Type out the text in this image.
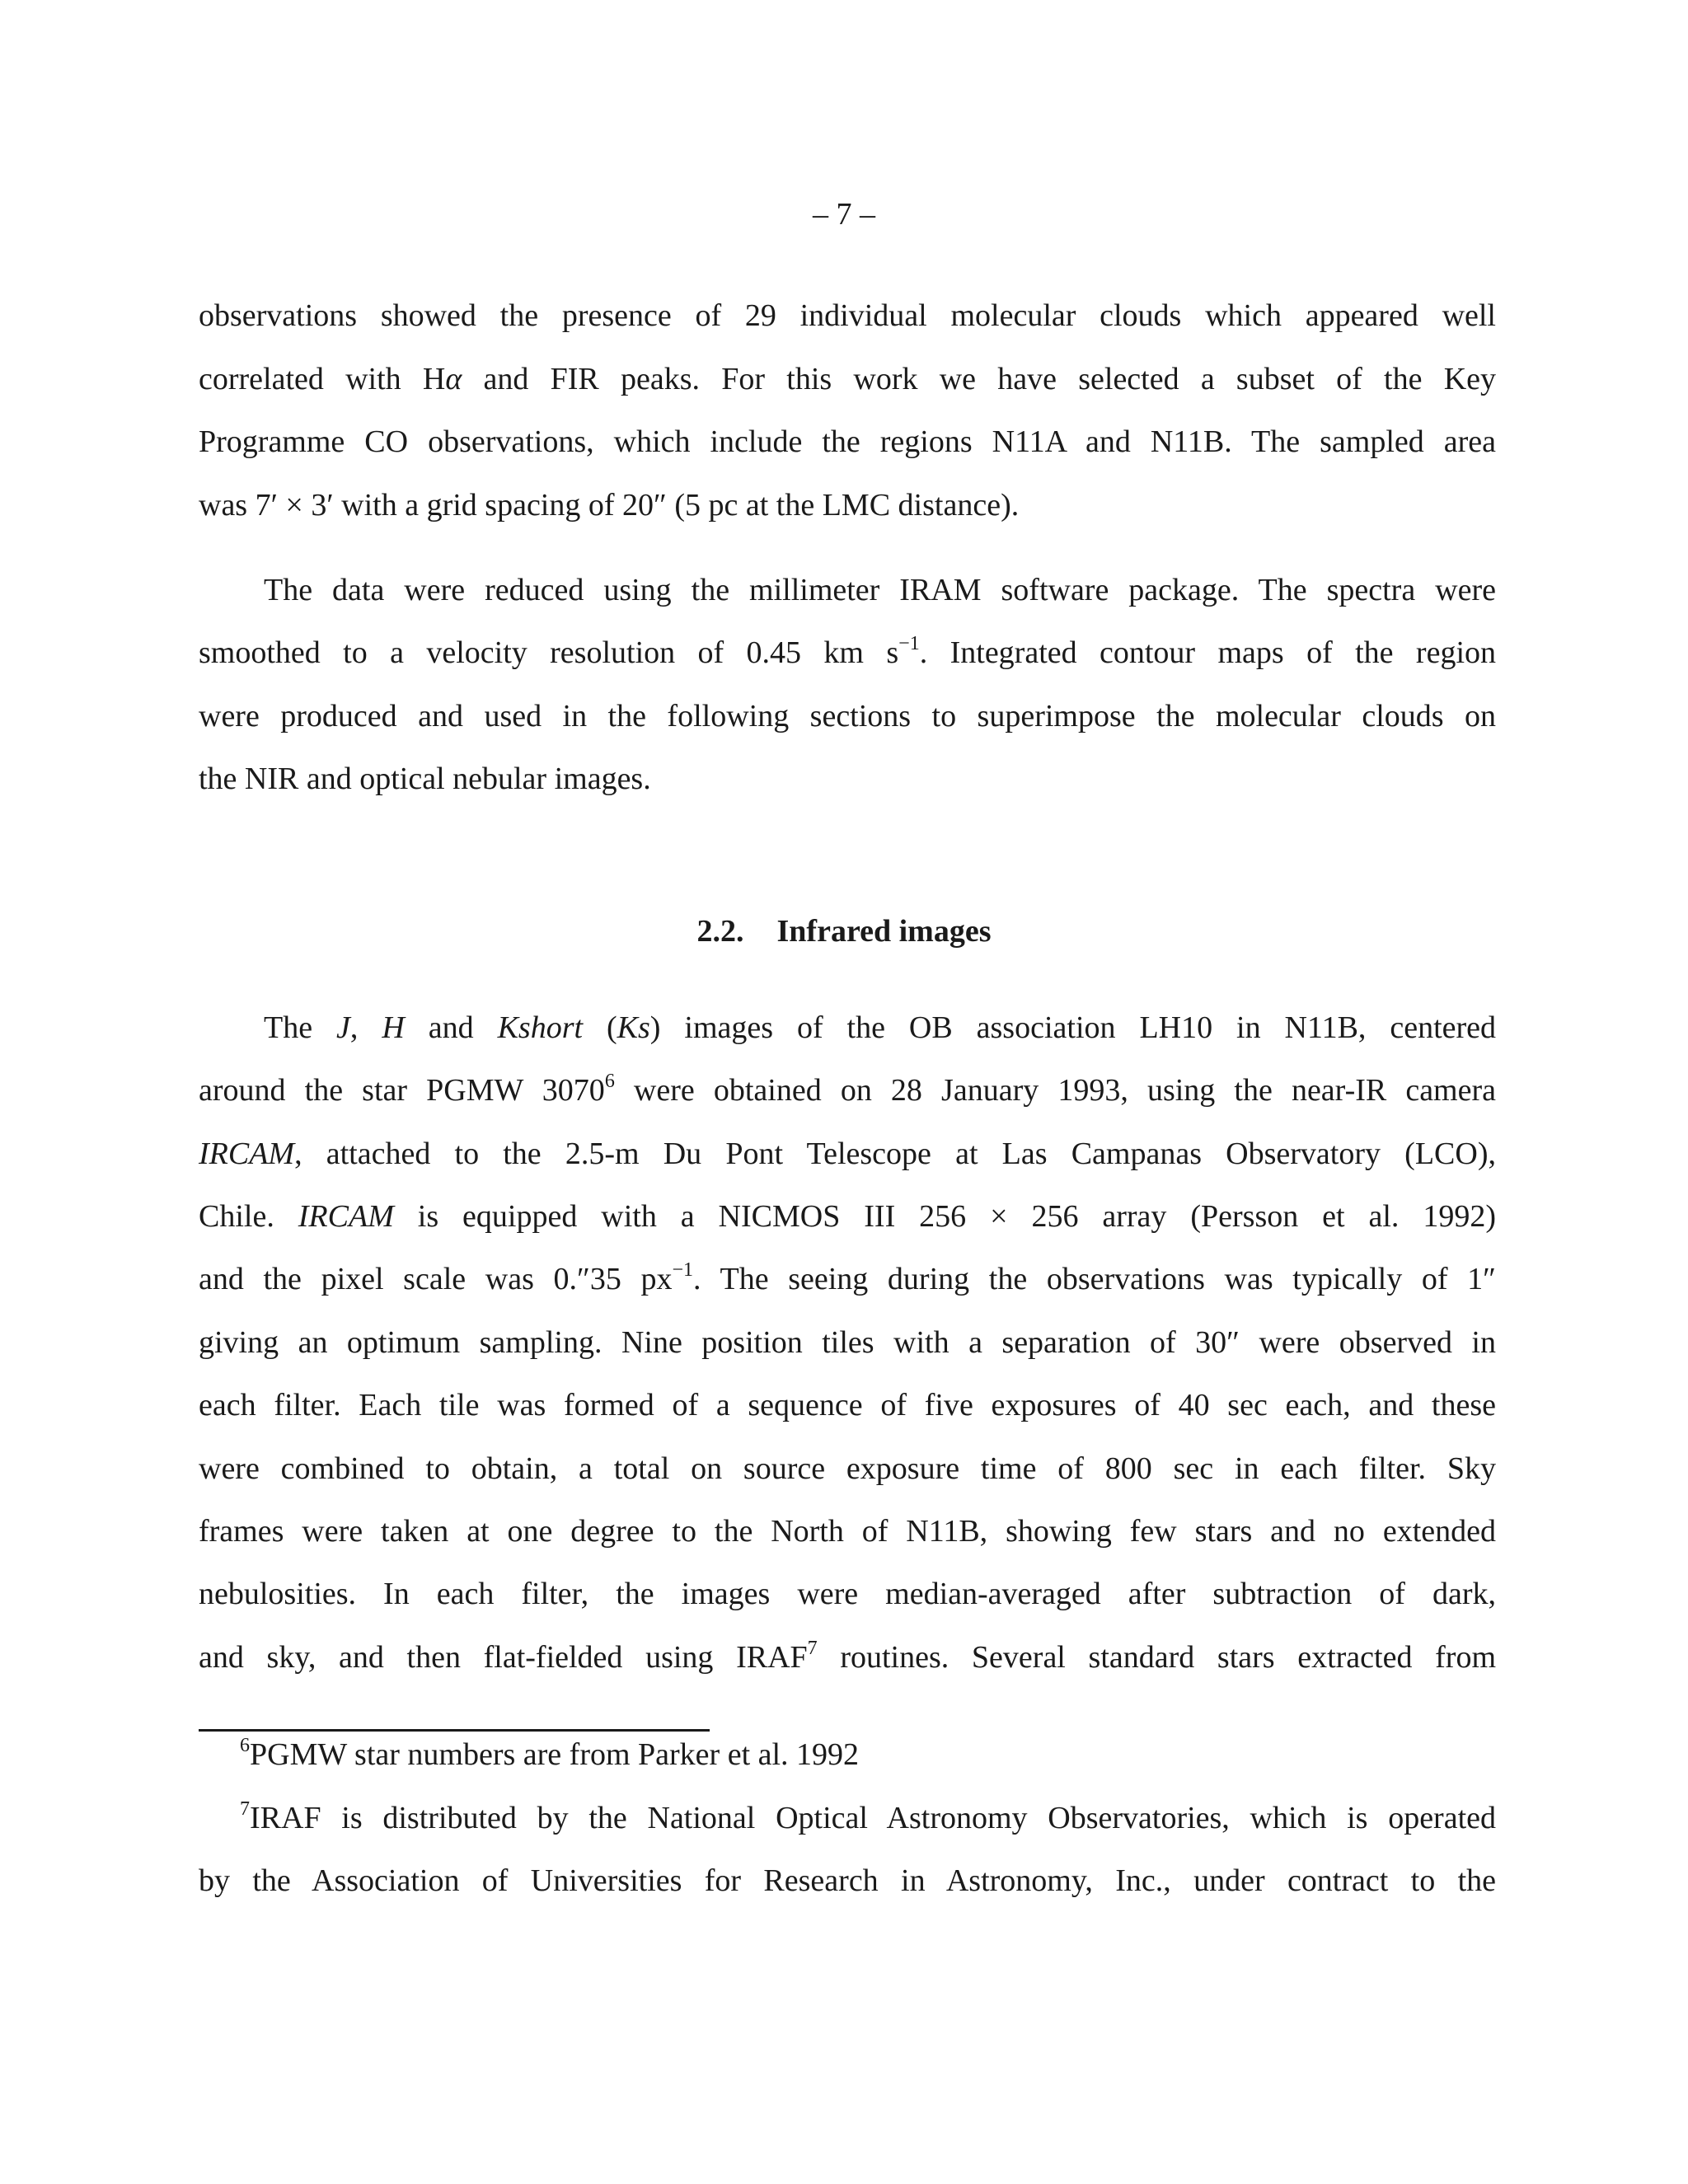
– 7 –
observations showed the presence of 29 individual molecular clouds which appeared well
correlated with Hα and FIR peaks. For this work we have selected a subset of the Key
Programme CO observations, which include the regions N11A and N11B. The sampled area
was 7′ × 3′ with a grid spacing of 20″ (5 pc at the LMC distance).
The data were reduced using the millimeter IRAM software package. The spectra were
smoothed to a velocity resolution of 0.45 km $s^{-1}$. Integrated contour maps of the region
were produced and used in the following sections to superimpose the molecular clouds on
the NIR and optical nebular images.
2.2. Infrared images
The J, H and Kshort (Ks) images of the OB association LH10 in N11B, centered
around the star PGMW 3070$^6$ were obtained on 28 January 1993, using the near-IR camera
IRCAM, attached to the 2.5-m Du Pont Telescope at Las Campanas Observatory (LCO),
Chile. IRCAM is equipped with a NICMOS III 256 × 256 array (Persson et al. 1992)
and the pixel scale was 0.″35 $px^{-1}$. The seeing during the observations was typically of 1″
giving an optimum sampling. Nine position tiles with a separation of 30″ were observed in
each filter. Each tile was formed of a sequence of five exposures of 40 sec each, and these
were combined to obtain, a total on source exposure time of 800 sec in each filter. Sky
frames were taken at one degree to the North of N11B, showing few stars and no extended
nebulosities. In each filter, the images were median-averaged after subtraction of dark,
and sky, and then flat-fielded using IRAF$^7$ routines. Several standard stars extracted from
$^6$PGMW star numbers are from Parker et al. 1992
$^7$IRAF is distributed by the National Optical Astronomy Observatories, which is operated
by the Association of Universities for Research in Astronomy, Inc., under contract to the
